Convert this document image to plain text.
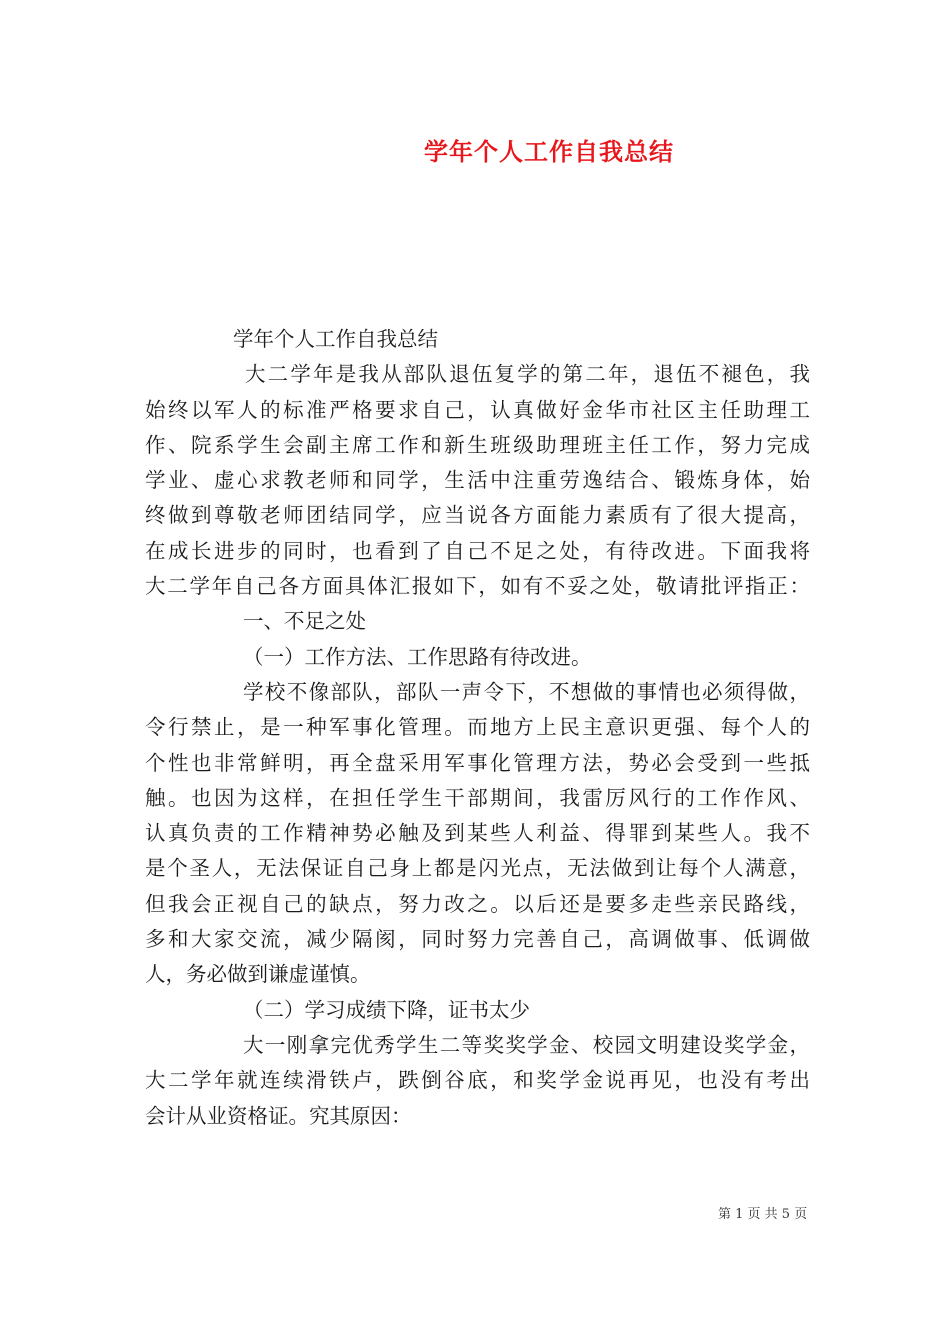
学年个人工作自我总结
学年个人工作自我总结
大二学年是我从部队退伍复学的第二年，退伍不褪色，我
始终以军人的标准严格要求自己，认真做好金华市社区主任助理工
作、院系学生会副主席工作和新生班级助理班主任工作，努力完成
学业、虚心求教老师和同学，生活中注重劳逸结合、锻炼身体，始
终做到尊敬老师团结同学，应当说各方面能力素质有了很大提高，
在成长进步的同时，也看到了自己不足之处，有待改进。下面我将
大二学年自己各方面具体汇报如下，如有不妥之处，敬请批评指正：
一、不足之处
（一）工作方法、工作思路有待改进。
学校不像部队，部队一声令下，不想做的事情也必须得做，
令行禁止，是一种军事化管理。而地方上民主意识更强、每个人的
个性也非常鲜明，再全盘采用军事化管理方法，势必会受到一些抵
触。也因为这样，在担任学生干部期间，我雷厉风行的工作作风、
认真负责的工作精神势必触及到某些人利益、得罪到某些人。我不
是个圣人，无法保证自己身上都是闪光点，无法做到让每个人满意，
但我会正视自己的缺点，努力改之。以后还是要多走些亲民路线，
多和大家交流，减少隔阂，同时努力完善自己，高调做事、低调做
人，务必做到谦虚谨慎。
（二）学习成绩下降，证书太少
大一刚拿完优秀学生二等奖奖学金、校园文明建设奖学金，
大二学年就连续滑铁卢，跌倒谷底，和奖学金说再见，也没有考出
会计从业资格证。究其原因：
第 1 页 共 5 页
